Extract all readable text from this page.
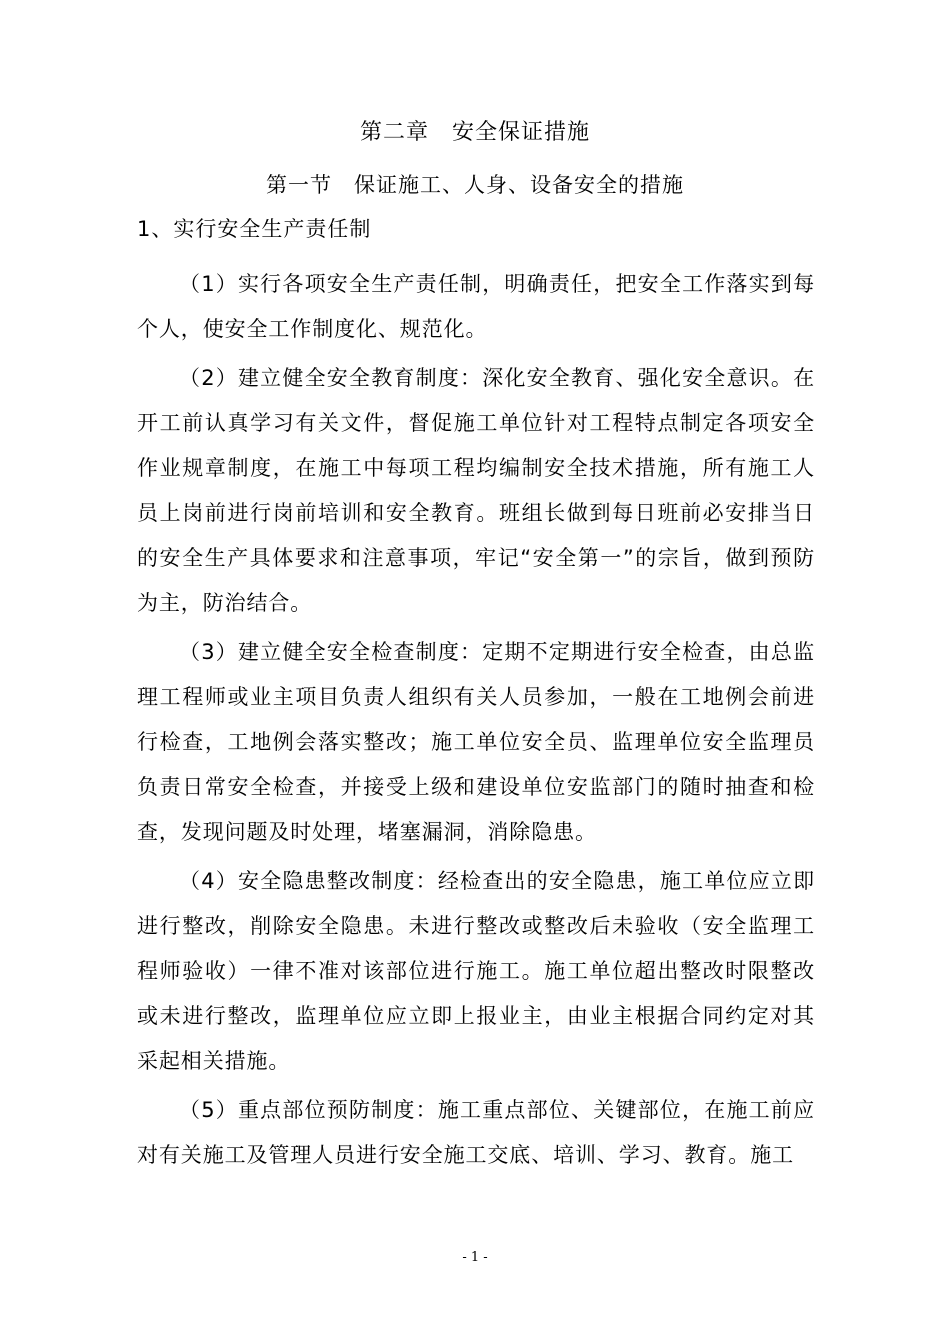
第二章　安全保证措施
第一节　保证施工、人身、设备安全的措施
1、实行安全生产责任制

（1）实行各项安全生产责任制，明确责任，把安全工作落实到每个人，使安全工作制度化、规范化。

（2）建立健全安全教育制度：深化安全教育、强化安全意识。在开工前认真学习有关文件，督促施工单位针对工程特点制定各项安全作业规章制度，在施工中每项工程均编制安全技术措施，所有施工人员上岗前进行岗前培训和安全教育。班组长做到每日班前必安排当日的安全生产具体要求和注意事项，牢记“安全第一”的宗旨，做到预防为主，防治结合。

（3）建立健全安全检查制度：定期不定期进行安全检查，由总监理工程师或业主项目负责人组织有关人员参加，一般在工地例会前进行检查，工地例会落实整改；施工单位安全员、监理单位安全监理员负责日常安全检查，并接受上级和建设单位安监部门的随时抽查和检查，发现问题及时处理，堵塞漏洞，消除隐患。

（4）安全隐患整改制度：经检查出的安全隐患，施工单位应立即进行整改，削除安全隐患。未进行整改或整改后未验收（安全监理工程师验收）一律不准对该部位进行施工。施工单位超出整改时限整改或未进行整改，监理单位应立即上报业主，由业主根据合同约定对其采起相关措施。

（5）重点部位预防制度：施工重点部位、关键部位，在施工前应对有关施工及管理人员进行安全施工交底、培训、学习、教育。施工

- 1 -
